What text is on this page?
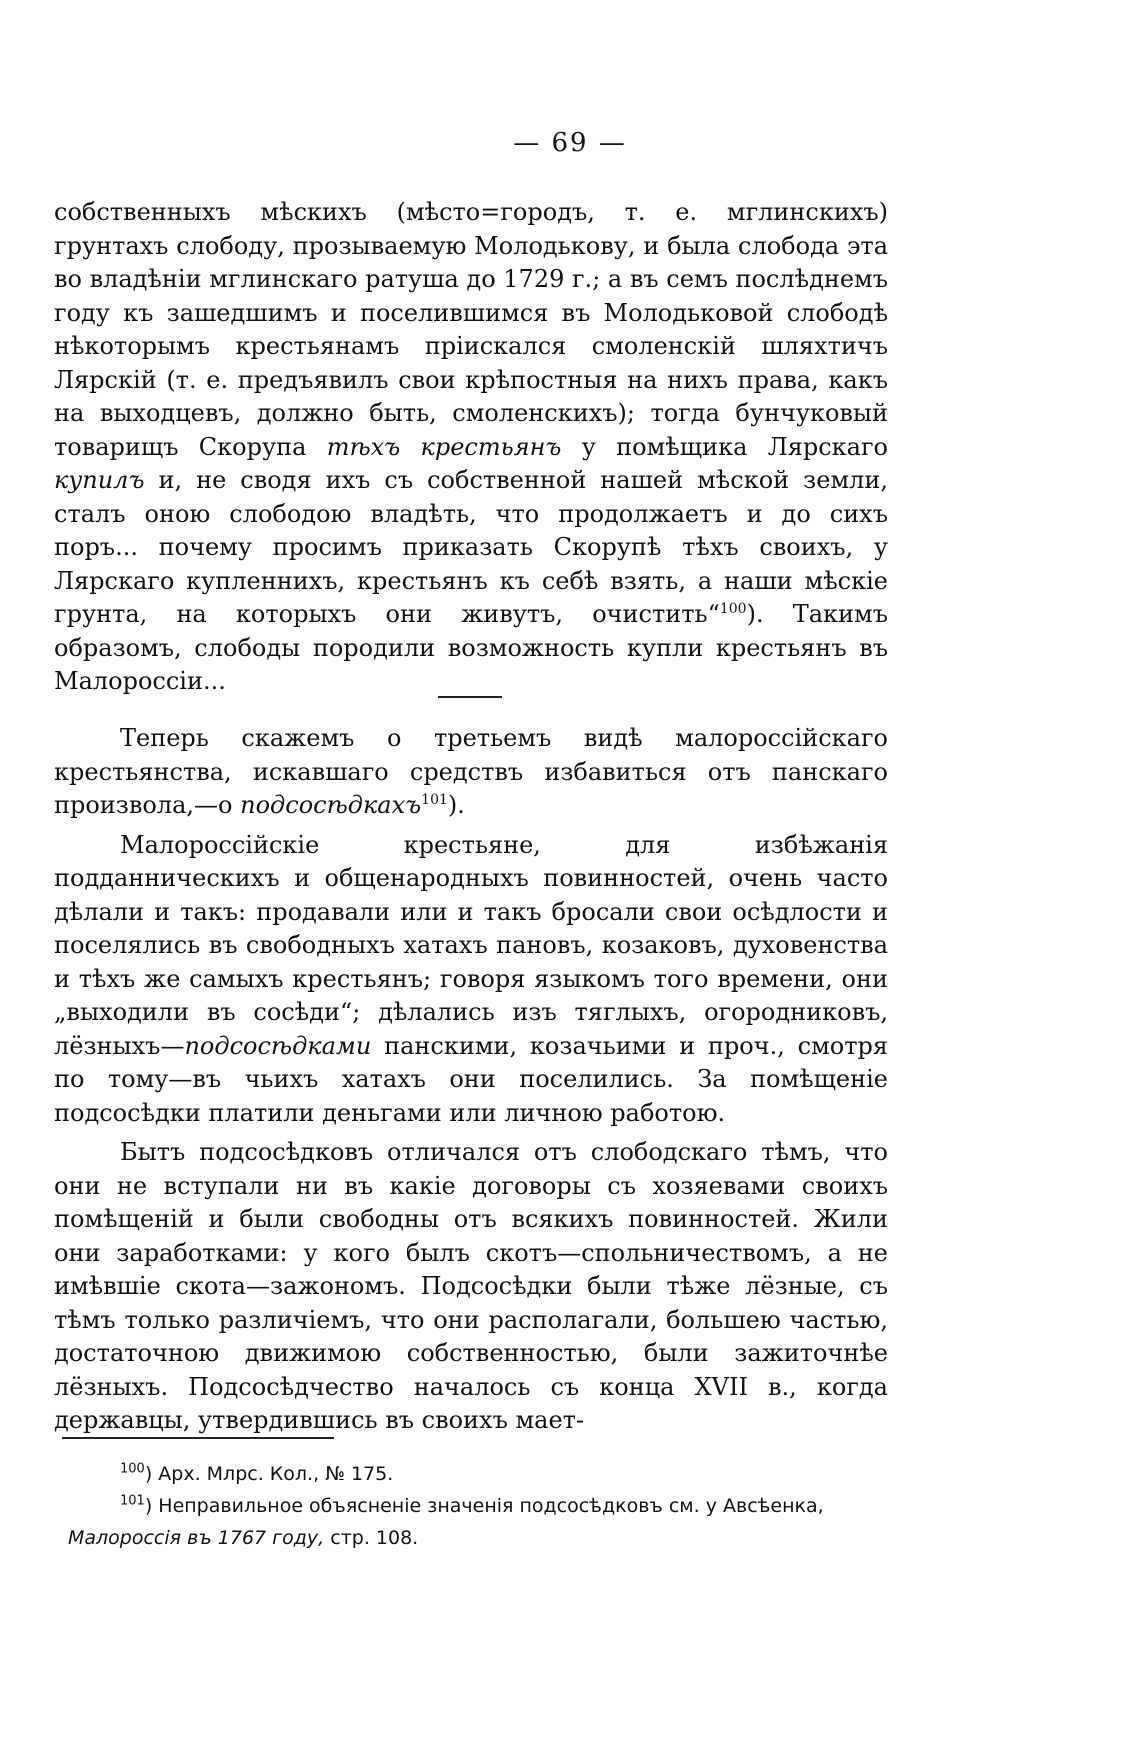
— 69 —

собственныхъ мѣскихъ (мѣсто=городъ, т. е. мглинскихъ) грунтахъ слободу, прозываемую Молодькову, и была слобода эта во владѣніи мглинскаго ратуша до 1729 г.; а въ семъ послѣднемъ году къ зашедшимъ и поселившимся въ Молодьковой слободѣ нѣкоторымъ крестьянамъ пріискался смоленскій шляхтичъ Лярскій (т. е. предъявилъ свои крѣпостныя на нихъ права, какъ на выходцевъ, должно быть, смоленскихъ); тогда бунчуковый товарищъ Скорупа тѣхъ крестьянъ у помѣщика Лярскаго купилъ и, не сводя ихъ съ собственной нашей мѣской земли, сталъ оною слободою владѣть, что продолжаетъ и до сихъ поръ... почему просимъ приказать Скорупѣ тѣхъ своихъ, у Лярскаго купленнихъ, крестьянъ къ себѣ взять, а наши мѣскіе грунта, на которыхъ они живутъ, очистить“$^{100}$). Такимъ образомъ, слободы породили возможность купли крестьянъ въ Малороссіи...

Теперь скажемъ о третьемъ видѣ малороссійскаго крестьянства, искавшаго средствъ избавиться отъ панскаго произвола,—о подсосѣдкахъ$^{101}$).

Малороссійскіе крестьяне, для избѣжанія подданническихъ и общенародныхъ повинностей, очень часто дѣлали и такъ: продавали или и такъ бросали свои осѣдлости и поселялись въ свободныхъ хатахъ пановъ, козаковъ, духовенства и тѣхъ же самыхъ крестьянъ; говоря языкомъ того времени, они „выходили въ сосѣди“; дѣлались изъ тяглыхъ, огородниковъ, лёзныхъ—подсосѣдками панскими, козачьими и проч., смотря по тому—въ чьихъ хатахъ они поселились. За помѣщеніе подсосѣдки платили деньгами или личною работою.

Бытъ подсосѣдковъ отличался отъ слободскаго тѣмъ, что они не вступали ни въ какіе договоры съ хозяевами своихъ помѣщеній и были свободны отъ всякихъ повинностей. Жили они заработками: у кого былъ скотъ—спольничествомъ, а не имѣвшіе скота—зажономъ. Подсосѣдки были тѣже лёзные, съ тѣмъ только различіемъ, что они располагали, большею частью, достаточною движимою собственностью, были зажиточнѣе лёзныхъ. Подсосѣдчество началось съ конца XVII в., когда державцы, утвердившись въ своихъ мает-

$^{100}$) Арх. Млрс. Кол., № 175.

$^{101}$) Неправильное объясненіе значенія подсосѣдковъ см. у Авсѣенка,

Малороссія въ 1767 году, стр. 108.
